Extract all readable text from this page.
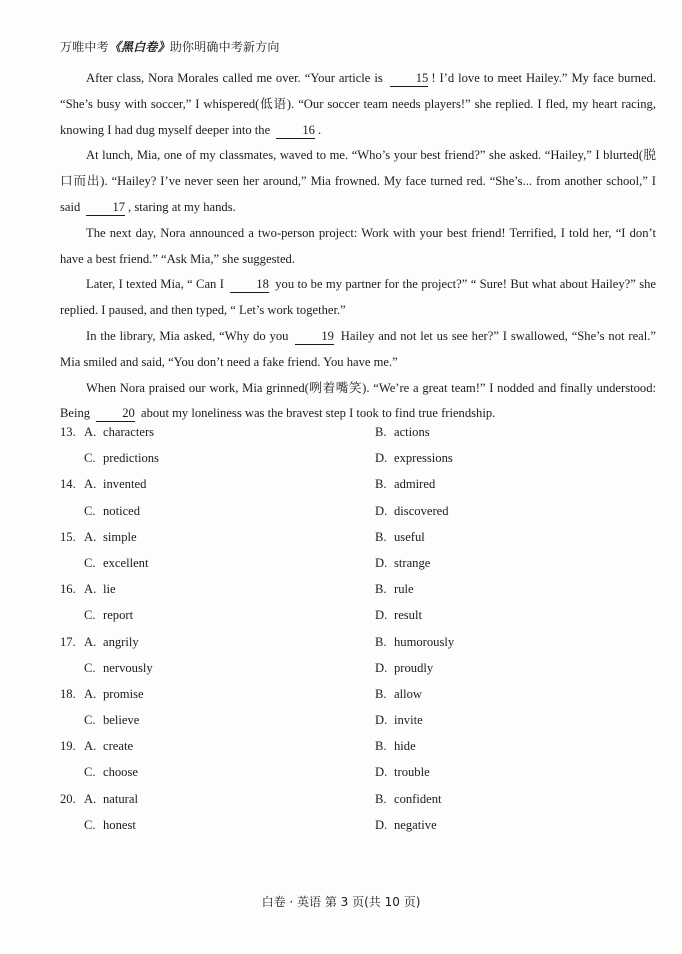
万唯中考《黑白卷》助你明确中考新方向

After class, Nora Morales called me over. “Your article is 15 ! I’d love to meet Hailey.” My face burned. “She’s busy with soccer,” I whispered(低语). “Our soccer team needs players!” she replied. I fled, my heart racing, knowing I had dug myself deeper into the 16 .

At lunch, Mia, one of my classmates, waved to me. “Who’s your best friend?” she asked. “Hailey,” I blurted(脱口而出). “Hailey? I’ve never seen her around,” Mia frowned. My face turned red. “She’s... from another school,” I said 17 , staring at my hands.

The next day, Nora announced a two-person project: Work with your best friend! Terrified, I told her, “I don’t have a best friend.” “Ask Mia,” she suggested.

Later, I texted Mia, “ Can I 18 you to be my partner for the project?” “ Sure! But what about Hailey?” she replied. I paused, and then typed, “ Let’s work together.”

In the library, Mia asked, “Why do you 19 Hailey and not let us see her?” I swallowed, “She’s not real.” Mia smiled and said, “You don’t need a fake friend. You have me.”

When Nora praised our work, Mia grinned(咧着嘴笑). “We’re a great team!” I nodded and finally understood: Being 20 about my loneliness was the bravest step I took to find true friendship.

13. A. characters	B. actions
C. predictions	D. expressions
14. A. invented	B. admired
C. noticed	D. discovered
15. A. simple	B. useful
C. excellent	D. strange
16. A. lie	B. rule
C. report	D. result
17. A. angrily	B. humorously
C. nervously	D. proudly
18. A. promise	B. allow
C. believe	D. invite
19. A. create	B. hide
C. choose	D. trouble
20. A. natural	B. confident
C. honest	D. negative
白卷 · 英语 第 3 页(共 10 页)
